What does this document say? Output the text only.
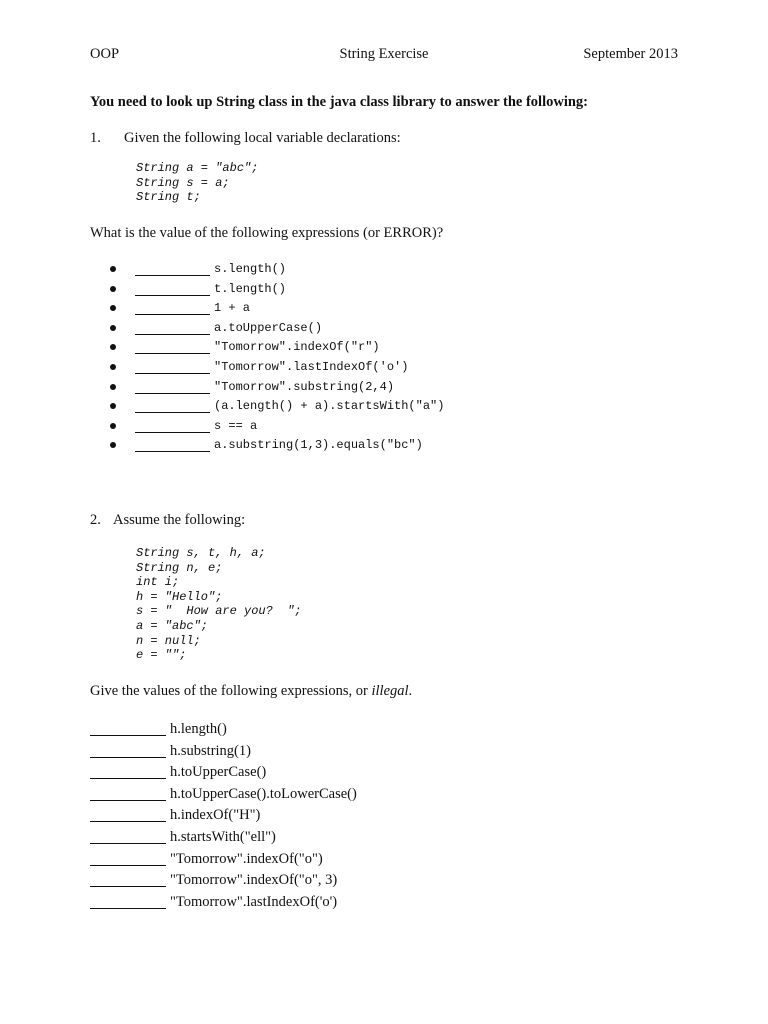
OOP	String Exercise	September 2013
You need to look up String class in the java class library to answer the following:
1. Given the following local variable declarations:
String a = "abc";
String s = a;
String t;
What is the value of the following expressions (or ERROR)?
s.length()
t.length()
1 + a
a.toUpperCase()
"Tomorrow".indexOf("r")
"Tomorrow".lastIndexOf('o')
"Tomorrow".substring(2,4)
(a.length() + a).startsWith("a")
s == a
a.substring(1,3).equals("bc")
2. Assume the following:
String s, t, h, a;
String n, e;
int i;
h = "Hello";
s = "  How are you?  ";
a = "abc";
n = null;
e = "";
Give the values of the following expressions, or illegal.
h.length()
h.substring(1)
h.toUpperCase()
h.toUpperCase().toLowerCase()
h.indexOf("H")
h.startsWith("ell")
"Tomorrow".indexOf("o")
"Tomorrow".indexOf("o", 3)
"Tomorrow".lastIndexOf('o')
